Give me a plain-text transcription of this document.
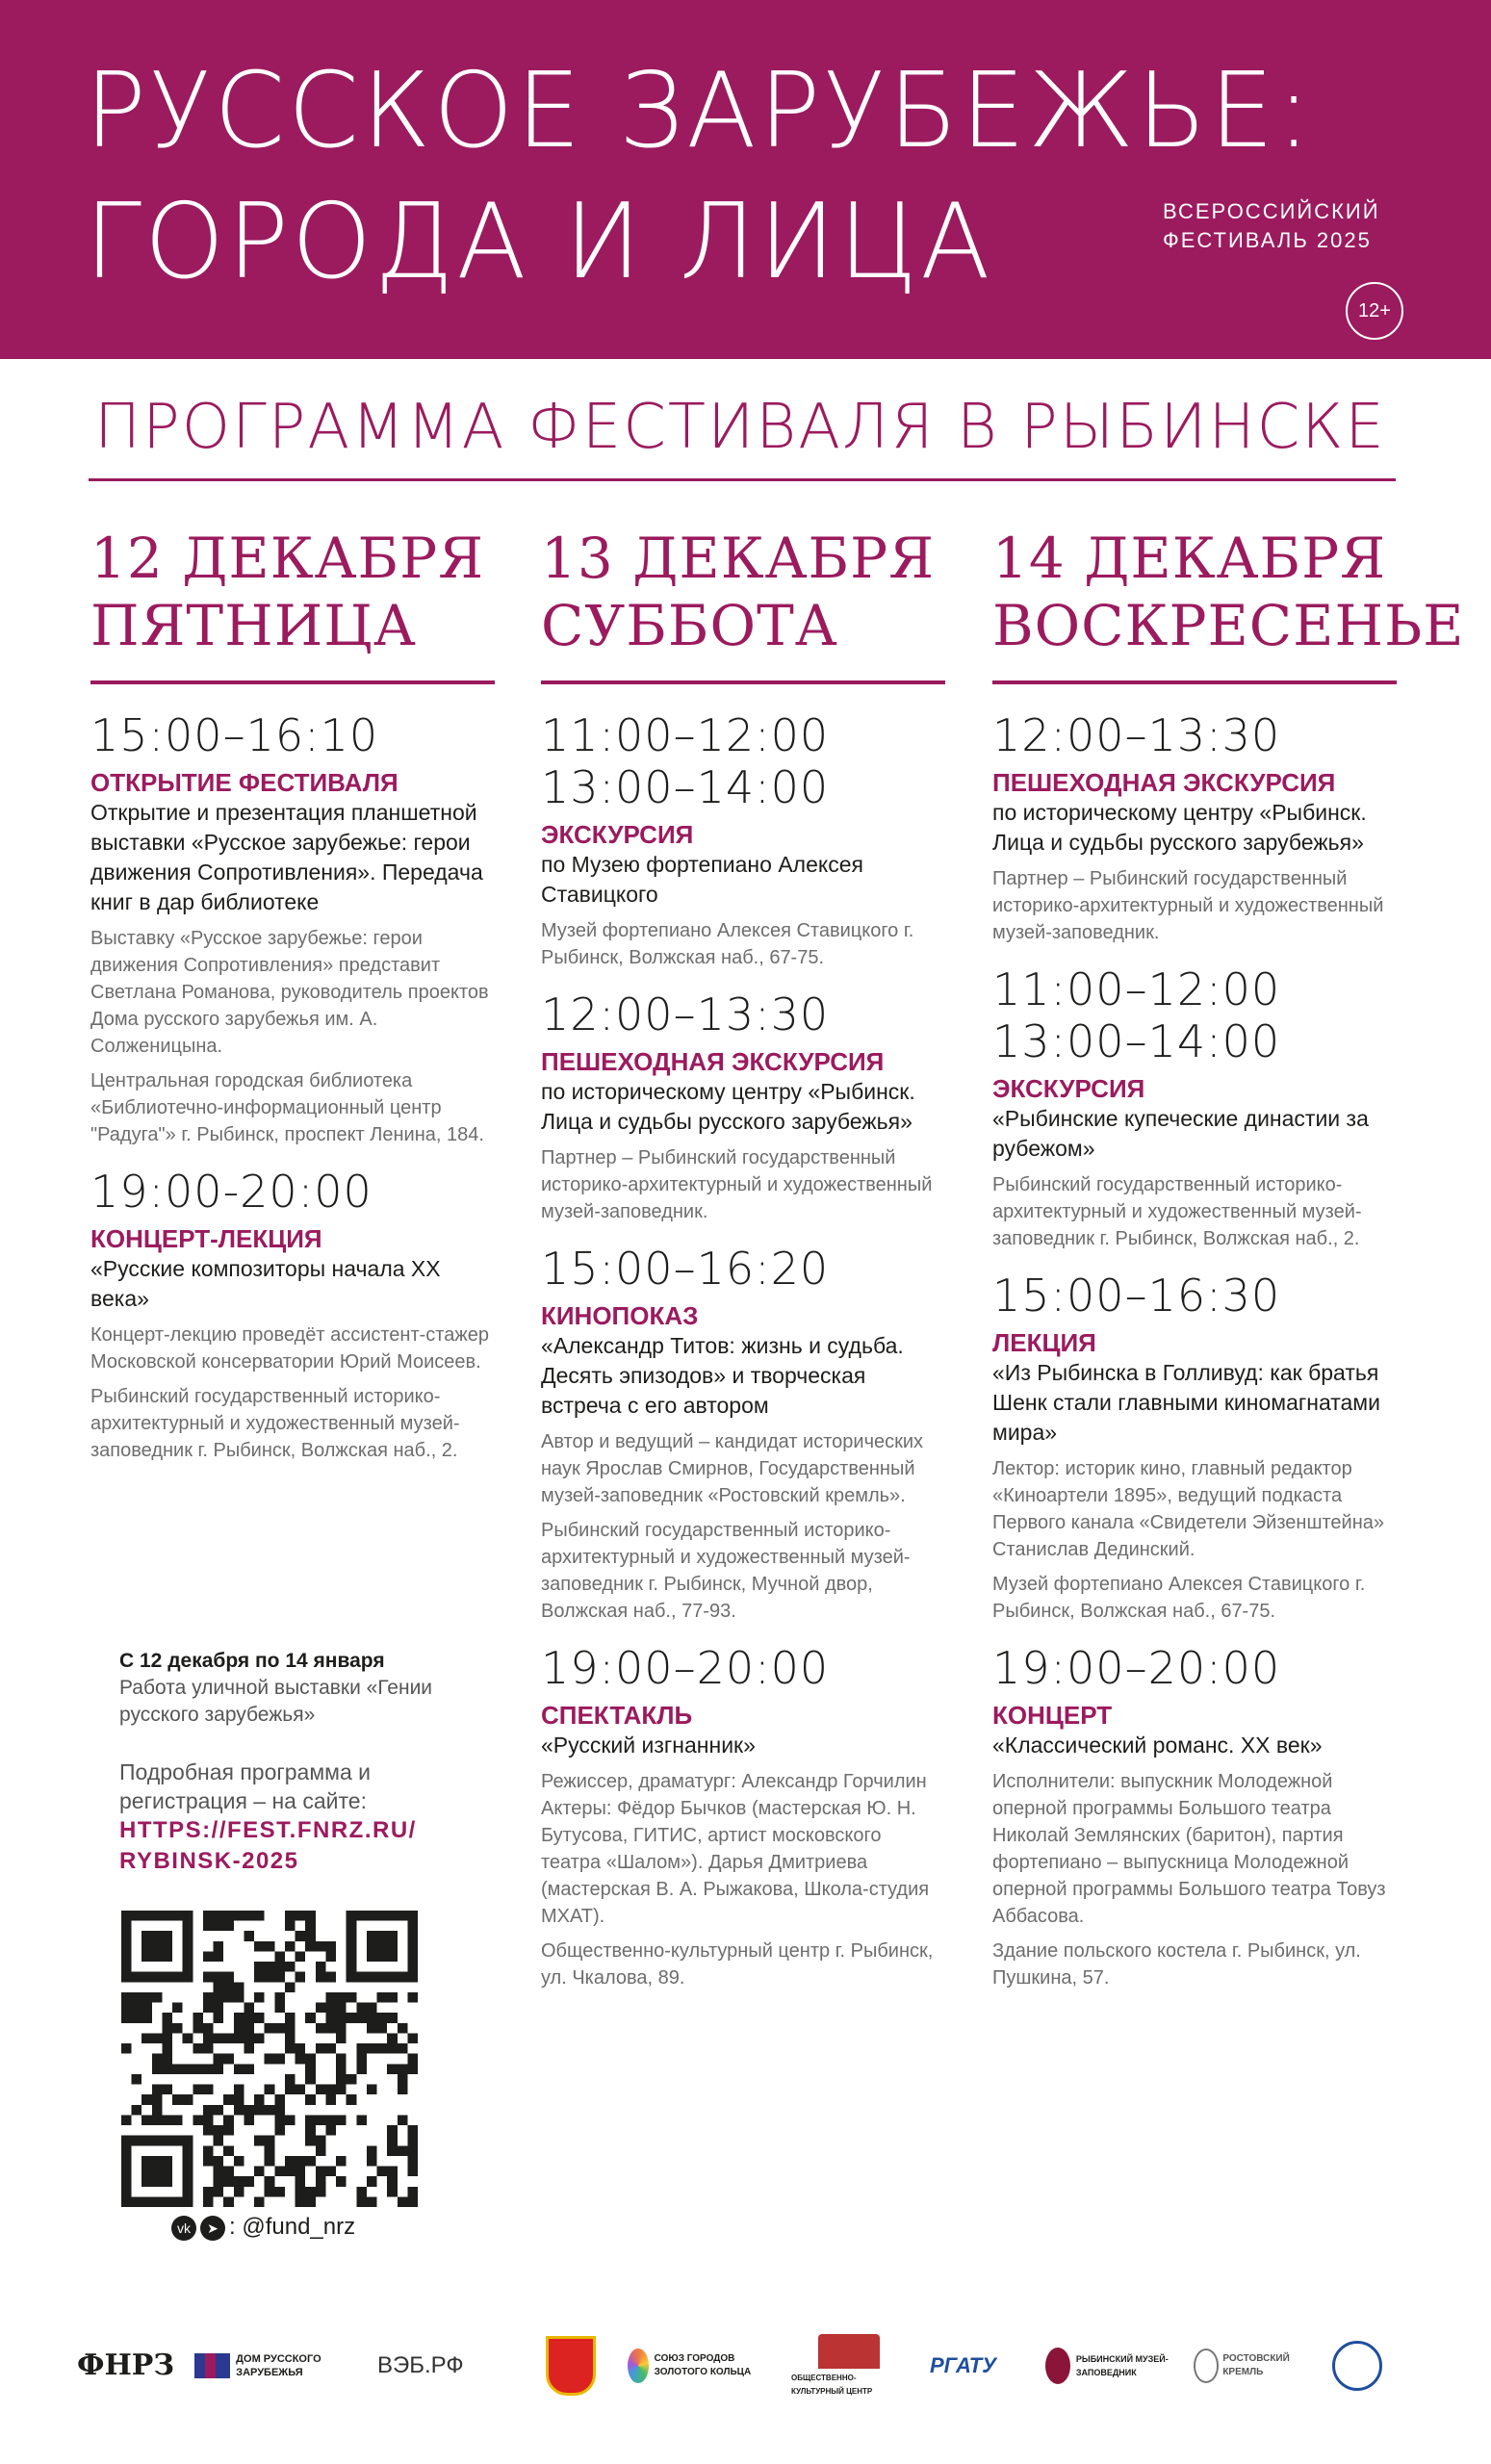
РУССКОЕ ЗАРУБЕЖЬЕ:
ГОРОДА И ЛИЦА	ВСЕРОССИЙСКИЙ
ФЕСТИВАЛЬ 2025
12+
ПРОГРАММА ФЕСТИВАЛЯ В РЫБИНСКЕ
12 ДЕКАБРЯ
ПЯТНИЦА
15:00–16:10
ОТКРЫТИЕ ФЕСТИВАЛЯ
Открытие и презентация планшетной выставки «Русское зарубежье: герои движения Сопротивления». Передача книг в дар библиотеке
Выставку «Русское зарубежье: герои движения Сопротивления» представит Светлана Романова, руководитель проектов Дома русского зарубежья им. А. Солженицына.
Центральная городская библиотека «Библиотечно-информационный центр "Радуга"» г. Рыбинск, проспект Ленина, 184.
19:00-20:00
КОНЦЕРТ-ЛЕКЦИЯ
«Русские композиторы начала XX века»
Концерт-лекцию проведёт ассистент-стажер Московской консерватории Юрий Моисеев.
Рыбинский государственный историко-архитектурный и художественный музей-заповедник г. Рыбинск, Волжская наб., 2.
13 ДЕКАБРЯ
СУББОТА
11:00–12:00
13:00–14:00
ЭКСКУРСИЯ
по Музею фортепиано Алексея Ставицкого
Музей фортепиано Алексея Ставицкого г. Рыбинск, Волжская наб., 67-75.
12:00–13:30
ПЕШЕХОДНАЯ ЭКСКУРСИЯ
по историческому центру «Рыбинск. Лица и судьбы русского зарубежья»
Партнер – Рыбинский государственный историко-архитектурный и художественный музей-заповедник.
15:00–16:20
КИНОПОКАЗ
«Александр Титов: жизнь и судьба. Десять эпизодов» и творческая встреча с его автором
Автор и ведущий – кандидат исторических наук Ярослав Смирнов, Государственный музей-заповедник «Ростовский кремль».
Рыбинский государственный историко-архитектурный и художественный музей-заповедник г. Рыбинск, Мучной двор, Волжская наб., 77-93.
19:00–20:00
СПЕКТАКЛЬ
«Русский изгнанник»
Режиссер, драматург: Александр Горчилин Актеры: Фёдор Бычков (мастерская Ю. Н. Бутусова, ГИТИС, артист московского театра «Шалом»). Дарья Дмитриева (мастерская В. А. Рыжакова, Школа-студия МХАТ).
Общественно-культурный центр г. Рыбинск, ул. Чкалова, 89.
14 ДЕКАБРЯ
ВОСКРЕСЕНЬЕ
12:00–13:30
ПЕШЕХОДНАЯ ЭКСКУРСИЯ
по историческому центру «Рыбинск. Лица и судьбы русского зарубежья»
Партнер – Рыбинский государственный историко-архитектурный и художественный музей-заповедник.
11:00–12:00
13:00–14:00
ЭКСКУРСИЯ
«Рыбинские купеческие династии за рубежом»
Рыбинский государственный историко-архитектурный и художественный музей-заповедник г. Рыбинск, Волжская наб., 2.
15:00–16:30
ЛЕКЦИЯ
«Из Рыбинска в Голливуд: как братья Шенк стали главными киномагнатами мира»
Лектор: историк кино, главный редактор «Киноартели 1895», ведущий подкаста Первого канала «Свидетели Эйзенштейна» Станислав Дединский.
Музей фортепиано Алексея Ставицкого г. Рыбинск, Волжская наб., 67-75.
19:00–20:00
КОНЦЕРТ
«Классический романс. XX век»
Исполнители: выпускник Молодежной оперной программы Большого театра Николай Землянских (баритон), партия фортепиано – выпускница Молодежной оперной программы Большого театра Товуз Аббасова.
Здание польского костела г. Рыбинск, ул. Пушкина, 57.
С 12 декабря по 14 января
Работа уличной выставки «Гении русского зарубежья»
Подробная программа и регистрация – на сайте:
HTTPS://FEST.FNRZ.RU/
RYBINSK-2025
vk ➤ : @fund_nrz
ФНРЗ	ДОМ РУССКОГО ЗАРУБЕЖЬЯ	ВЭБ.РФ	СОЮЗ ГОРОДОВ ЗОЛОТОГО КОЛЬЦА	ОБЩЕСТВЕННО-КУЛЬТУРНЫЙ ЦЕНТР
РГАТУ	РЫБИНСКИЙ МУЗЕЙ-ЗАПОВЕДНИК
РОСТОВСКИЙ КРЕМЛЬ
